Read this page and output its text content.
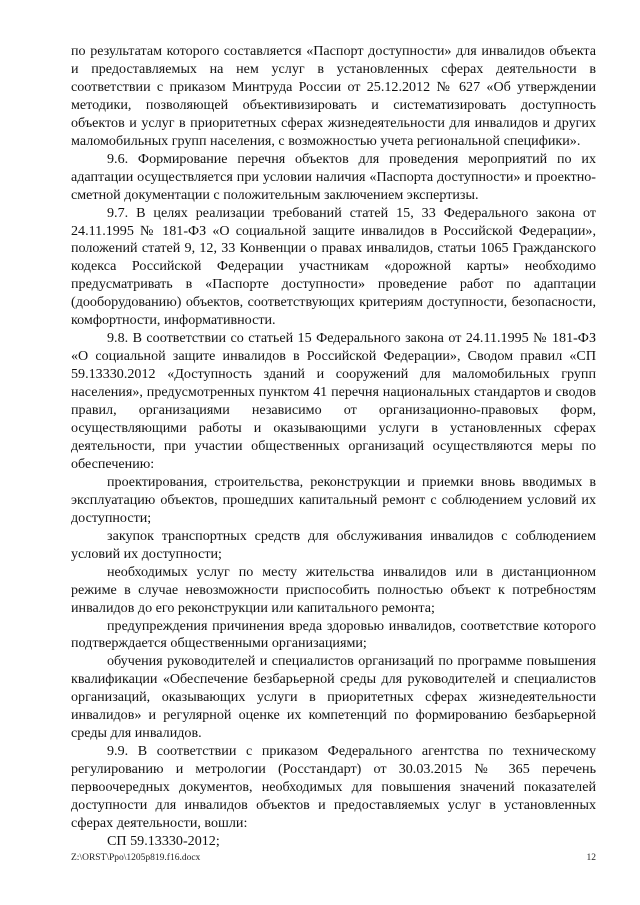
по результатам которого составляется «Паспорт доступности» для инвалидов объекта и предоставляемых на нем услуг в установленных сферах деятельности в соответствии с приказом Минтруда России от 25.12.2012 № 627 «Об утверждении методики, позволяющей объективизировать и систематизировать доступность объектов и услуг в приоритетных сферах жизнедеятельности для инвалидов и других маломобильных групп населения, с возможностью учета региональной специфики».

9.6. Формирование перечня объектов для проведения мероприятий по их адаптации осуществляется при условии наличия «Паспорта доступности» и проектно-сметной документации с положительным заключением экспертизы.

9.7. В целях реализации требований статей 15, 33 Федерального закона от 24.11.1995 № 181-ФЗ «О социальной защите инвалидов в Российской Федерации», положений статей 9, 12, 33 Конвенции о правах инвалидов, статьи 1065 Гражданского кодекса Российской Федерации участникам «дорожной карты» необходимо предусматривать в «Паспорте доступности» проведение работ по адаптации (дооборудованию) объектов, соответствующих критериям доступности, безопасности, комфортности, информативности.

9.8. В соответствии со статьей 15 Федерального закона от 24.11.1995 № 181-ФЗ «О социальной защите инвалидов в Российской Федерации», Сводом правил «СП 59.13330.2012 «Доступность зданий и сооружений для маломобильных групп населения», предусмотренных пунктом 41 перечня национальных стандартов и сводов правил, организациями независимо от организационно-правовых форм, осуществляющими работы и оказывающими услуги в установленных сферах деятельности, при участии общественных организаций осуществляются меры по обеспечению:

проектирования, строительства, реконструкции и приемки вновь вводимых в эксплуатацию объектов, прошедших капитальный ремонт с соблюдением условий их доступности;

закупок транспортных средств для обслуживания инвалидов с соблюдением условий их доступности;

необходимых услуг по месту жительства инвалидов или в дистанционном режиме в случае невозможности приспособить полностью объект к потребностям инвалидов до его реконструкции или капитального ремонта;

предупреждения причинения вреда здоровью инвалидов, соответствие которого подтверждается общественными организациями;

обучения руководителей и специалистов организаций по программе повышения квалификации «Обеспечение безбарьерной среды для руководителей и специалистов организаций, оказывающих услуги в приоритетных сферах жизнедеятельности инвалидов» и регулярной оценке их компетенций по формированию безбарьерной среды для инвалидов.

9.9. В соответствии с приказом Федерального агентства по техническому регулированию и метрологии (Росстандарт) от 30.03.2015 № 365 перечень первоочередных документов, необходимых для повышения значений показателей доступности для инвалидов объектов и предоставляемых услуг в установленных сферах деятельности, вошли:

СП 59.13330-2012;

Z:\ORST\Ppo\1205p819.f16.docx	12
